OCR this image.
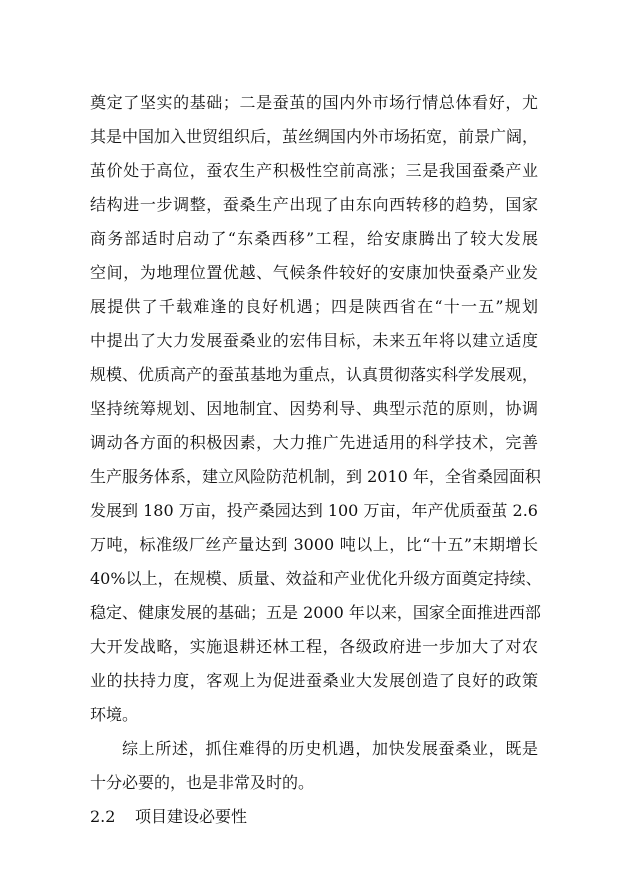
奠定了坚实的基础；二是蚕茧的国内外市场行情总体看好，尤
其是中国加入世贸组织后，茧丝绸国内外市场拓宽，前景广阔，
茧价处于高位，蚕农生产积极性空前高涨；三是我国蚕桑产业
结构进一步调整，蚕桑生产出现了由东向西转移的趋势，国家
商务部适时启动了“东桑西移”工程，给安康腾出了较大发展
空间，为地理位置优越、气候条件较好的安康加快蚕桑产业发
展提供了千载难逢的良好机遇；四是陕西省在“十一五”规划
中提出了大力发展蚕桑业的宏伟目标，未来五年将以建立适度
规模、优质高产的蚕茧基地为重点，认真贯彻落实科学发展观，
坚持统筹规划、因地制宜、因势利导、典型示范的原则，协调
调动各方面的积极因素，大力推广先进适用的科学技术，完善
生产服务体系，建立风险防范机制，到 2010 年，全省桑园面积
发展到 180 万亩，投产桑园达到 100 万亩，年产优质蚕茧 2.6
万吨，标准级厂丝产量达到 3000 吨以上，比“十五”末期增长
40%以上，在规模、质量、效益和产业优化升级方面奠定持续、
稳定、健康发展的基础；五是 2000 年以来，国家全面推进西部
大开发战略，实施退耕还林工程，各级政府进一步加大了对农
业的扶持力度，客观上为促进蚕桑业大发展创造了良好的政策
环境。
综上所述，抓住难得的历史机遇，加快发展蚕桑业，既是
十分必要的，也是非常及时的。
2.2 项目建设必要性
